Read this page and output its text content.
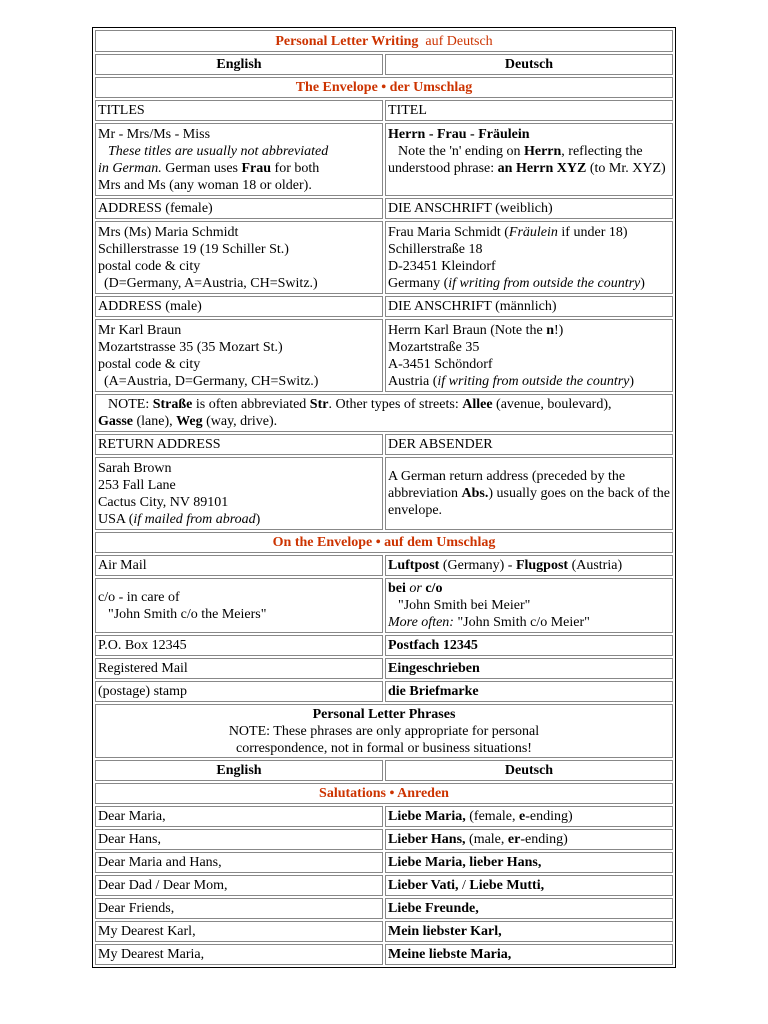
Personal Letter Writing auf Deutsch	
English	Deutsch
The Envelope • der Umschlag	
TITLES	TITEL

Mr - Mrs/Ms - Miss
These titles are usually not abbreviated
in German. German uses Frau for both
Mrs and Ms (any woman 18 or older).	Herrn - Frau - Fräulein
Note the 'n' ending on Herrn, reflecting the
understood phrase: an Herrn XYZ (to Mr. XYZ)

ADDRESS (female)	DIE ANSCHRIFT (weiblich)

Mrs (Ms) Maria Schmidt
Schillerstrasse 19 (19 Schiller St.)
postal code & city
(D=Germany, A=Austria, CH=Switz.)	Frau Maria Schmidt (Fräulein if under 18)
Schillerstraße 18
D-23451 Kleindorf
Germany (if writing from outside the country)

ADDRESS (male)	DIE ANSCHRIFT (männlich)

Mr Karl Braun
Mozartstrasse 35 (35 Mozart St.)
postal code & city
(A=Austria, D=Germany, CH=Switz.)	Herrn Karl Braun (Note the n!)
Mozartstraße 35
A-3451 Schöndorf
Austria (if writing from outside the country)

NOTE: Straße is often abbreviated Str. Other types of streets: Allee (avenue, boulevard),
Gasse (lane), Weg (way, drive).	

RETURN ADDRESS	DER ABSENDER

Sarah Brown
253 Fall Lane
Cactus City, NV 89101
USA (if mailed from abroad)	A German return address (preceded by the abbreviation Abs.) usually goes on the back of the envelope.
On the Envelope • auf dem Umschlag	
Air Mail	Luftpost (Germany) - Flugpost (Austria)

c/o - in care of
"John Smith c/o the Meiers"	bei or c/o
"John Smith bei Meier"
More often: "John Smith c/o Meier"

P.O. Box 12345	Postfach 12345
Registered Mail	Eingeschrieben
(postage) stamp	die Briefmarke

Personal Letter Phrases
NOTE: These phrases are only appropriate for personal
correspondence, not in formal or business situations!	

English	Deutsch
Salutations • Anreden	
Dear Maria,	Liebe Maria, (female, e-ending)
Dear Hans,	Lieber Hans, (male, er-ending)
Dear Maria and Hans,	Liebe Maria, lieber Hans,
Dear Dad / Dear Mom,	Lieber Vati, / Liebe Mutti,
Dear Friends,	Liebe Freunde,
My Dearest Karl,	Mein liebster Karl,
My Dearest Maria,	Meine liebste Maria,
